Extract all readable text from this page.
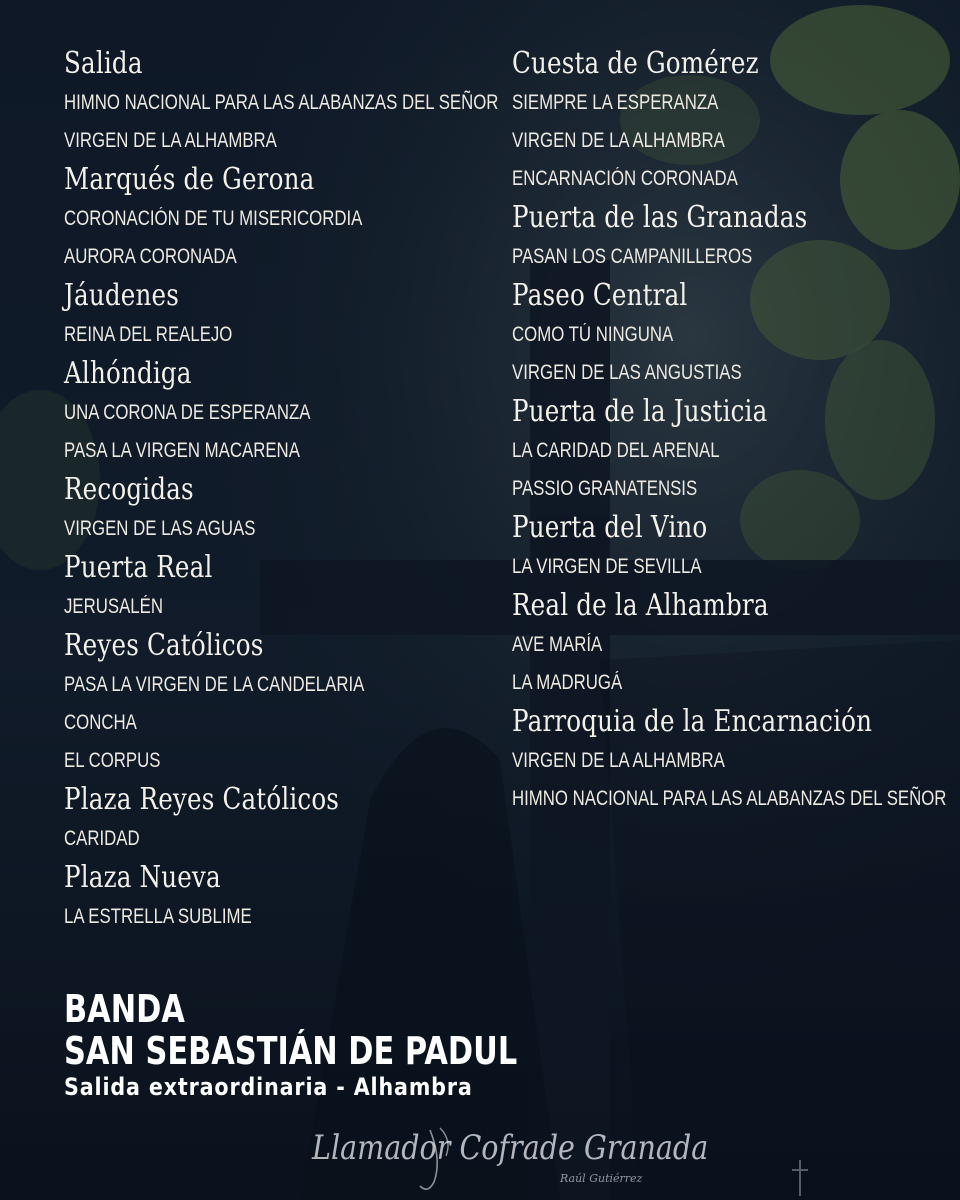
Salida
HIMNO NACIONAL PARA LAS ALABANZAS DEL SEÑOR
VIRGEN DE LA ALHAMBRA
Marqués de Gerona
CORONACIÓN DE TU MISERICORDIA
AURORA CORONADA
Jáudenes
REINA DEL REALEJO
Alhóndiga
UNA CORONA DE ESPERANZA
PASA LA VIRGEN MACARENA
Recogidas
VIRGEN DE LAS AGUAS
Puerta Real
JERUSALÉN
Reyes Católicos
PASA LA VIRGEN DE LA CANDELARIA
CONCHA
EL CORPUS
Plaza Reyes Católicos
CARIDAD
Plaza Nueva
LA ESTRELLA SUBLIME
Cuesta de Gomérez
SIEMPRE LA ESPERANZA
VIRGEN DE LA ALHAMBRA
ENCARNACIÓN CORONADA
Puerta de las Granadas
PASAN LOS CAMPANILLEROS
Paseo Central
COMO TÚ NINGUNA
VIRGEN DE LAS ANGUSTIAS
Puerta de la Justicia
LA CARIDAD DEL ARENAL
PASSIO GRANATENSIS
Puerta del Vino
LA VIRGEN DE SEVILLA
Real de la Alhambra
AVE MARÍA
LA MADRUGÁ
Parroquia de la Encarnación
VIRGEN DE LA ALHAMBRA
HIMNO NACIONAL PARA LAS ALABANZAS DEL SEÑOR
BANDA
SAN SEBASTIÁN DE PADUL
Salida extraordinaria - Alhambra
Llamador Cofrade Granada
Raúl Gutiérrez
